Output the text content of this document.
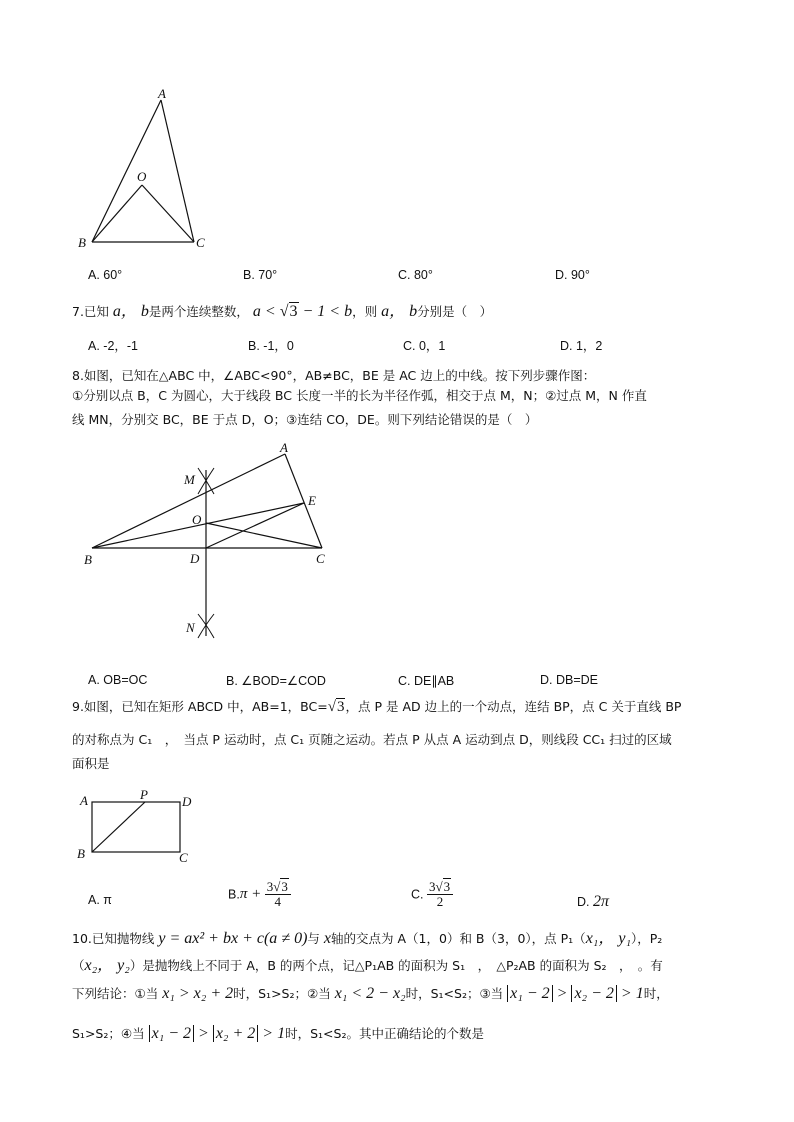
A
O
B	C
A. 60°	B. 70°	C. 80°	D. 90°
7.已知 a， b是两个连续整数， a < √3 − 1 < b，则 a， b分别是（　）
A. -2，-1	B. -1，0	C. 0，1	D. 1，2
8.如图，已知在△ABC 中，∠ABC<90°，AB≠BC，BE 是 AC 边上的中线。按下列步骤作图：
①分别以点 B，C 为圆心，大于线段 BC 长度一半的长为半径作弧，相交于点 M，N；②过点 M，N 作直
线 MN，分别交 BC，BE 于点 D，O；③连结 CO，DE。则下列结论错误的是（　）
A
M
E
O
B	D	C
N
A. OB=OC	B. ∠BOD=∠COD	C. DE∥AB	D. DB=DE
9.如图，已知在矩形 ABCD 中，AB=1，BC=√3，点 P 是 AD 边上的一个动点，连结 BP，点 C 关于直线 BP
的对称点为 C₁　，　当点 P 运动时，点 C₁ 页随之运动。若点 P 从点 A 运动到点 D，则线段 CC₁ 扫过的区域
面积是
A	P	D
B	C
A. π	$B.\pi + \frac{3√3}{4}$	C. $\frac{3√3}{2}$	D. 2π
10.已知抛物线 y = ax² + bx + c(a ≠ 0)与 x轴的交点为 A（1，0）和 B（3，0），点 P₁（x₁， y₁），P₂
（x₂， y₂）是抛物线上不同于 A，B 的两个点，记△P₁AB 的面积为 S₁　，　△P₂AB 的面积为 S₂　，　。有
下列结论：①当 x₁ > x₂ + 2时，S₁>S₂；②当 x₁ < 2 − x₂时，S₁<S₂；③当 x₁ − 2 > x₂ − 2 > 1时，
S₁>S₂；④当 x₁ − 2 > x₂ + 2 > 1时，S₁<S₂。其中正确结论的个数是
